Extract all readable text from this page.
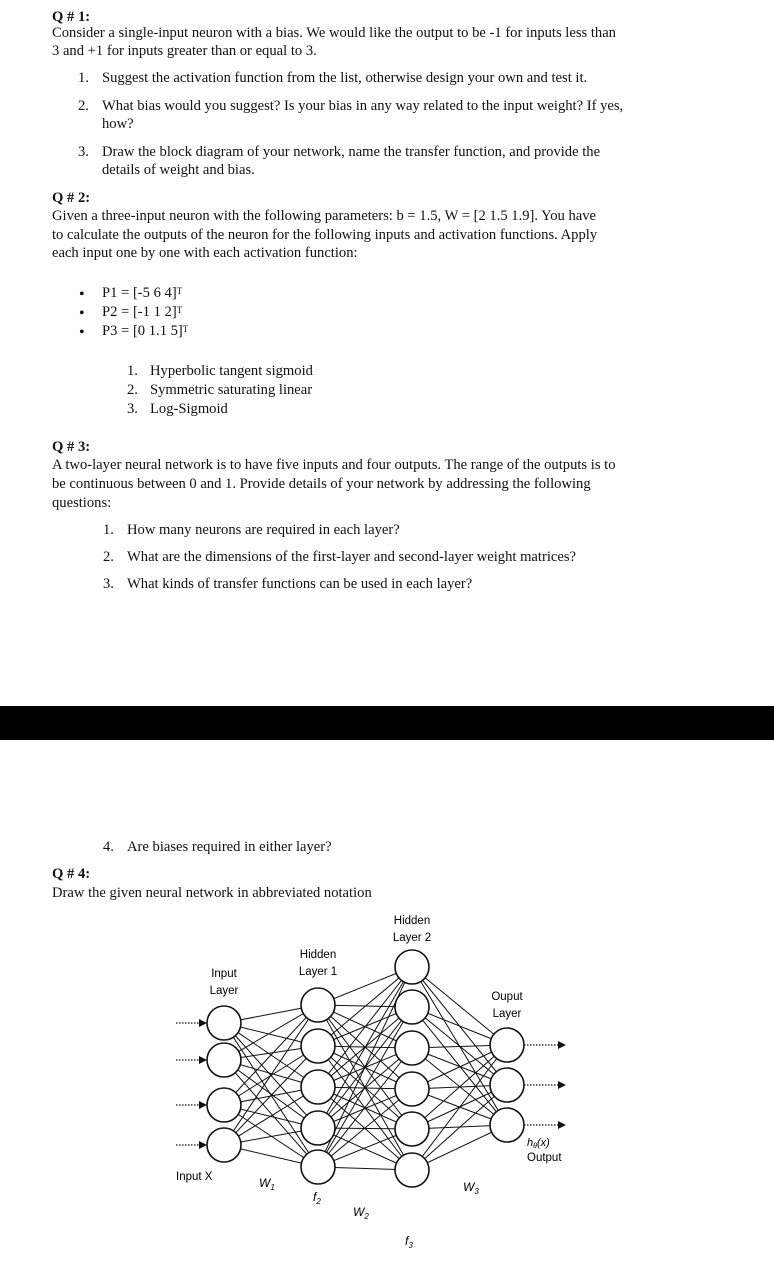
Q # 1:
Consider a single-input neuron with a bias. We would like the output to be -1 for inputs less than
3 and +1 for inputs greater than or equal to 3.
1. Suggest the activation function from the list, otherwise design your own and test it.
2. What bias would you suggest? Is your bias in any way related to the input weight? If yes,
how?
3. Draw the block diagram of your network, name the transfer function, and provide the
details of weight and bias.
Q # 2:
Given a three-input neuron with the following parameters: b = 1.5, W = [2 1.5 1.9]. You have
to calculate the outputs of the neuron for the following inputs and activation functions. Apply
each input one by one with each activation function:
• P1 = [-5 6 4]$^T$
• P2 = [-1 1 2]$^T$
• P3 = [0 1.1 5]$^T$
1. Hyperbolic tangent sigmoid
2. Symmetric saturating linear
3. Log-Sigmoid
Q # 3:
A two-layer neural network is to have five inputs and four outputs. The range of the outputs is to
be continuous between 0 and 1. Provide details of your network by addressing the following
questions:
1. How many neurons are required in each layer?
2. What are the dimensions of the first-layer and second-layer weight matrices?
3. What kinds of transfer functions can be used in each layer?
4. Are biases required in either layer?
Q # 4:
Draw the given neural network in abbreviated notation
Hidden
Layer 2
Hidden
Layer 1
Input
Layer	Ouput
Layer
Input X	$W_1$
$f_2$
$W_2$
$W_3$
$f_3$
hθ(x)
Output
